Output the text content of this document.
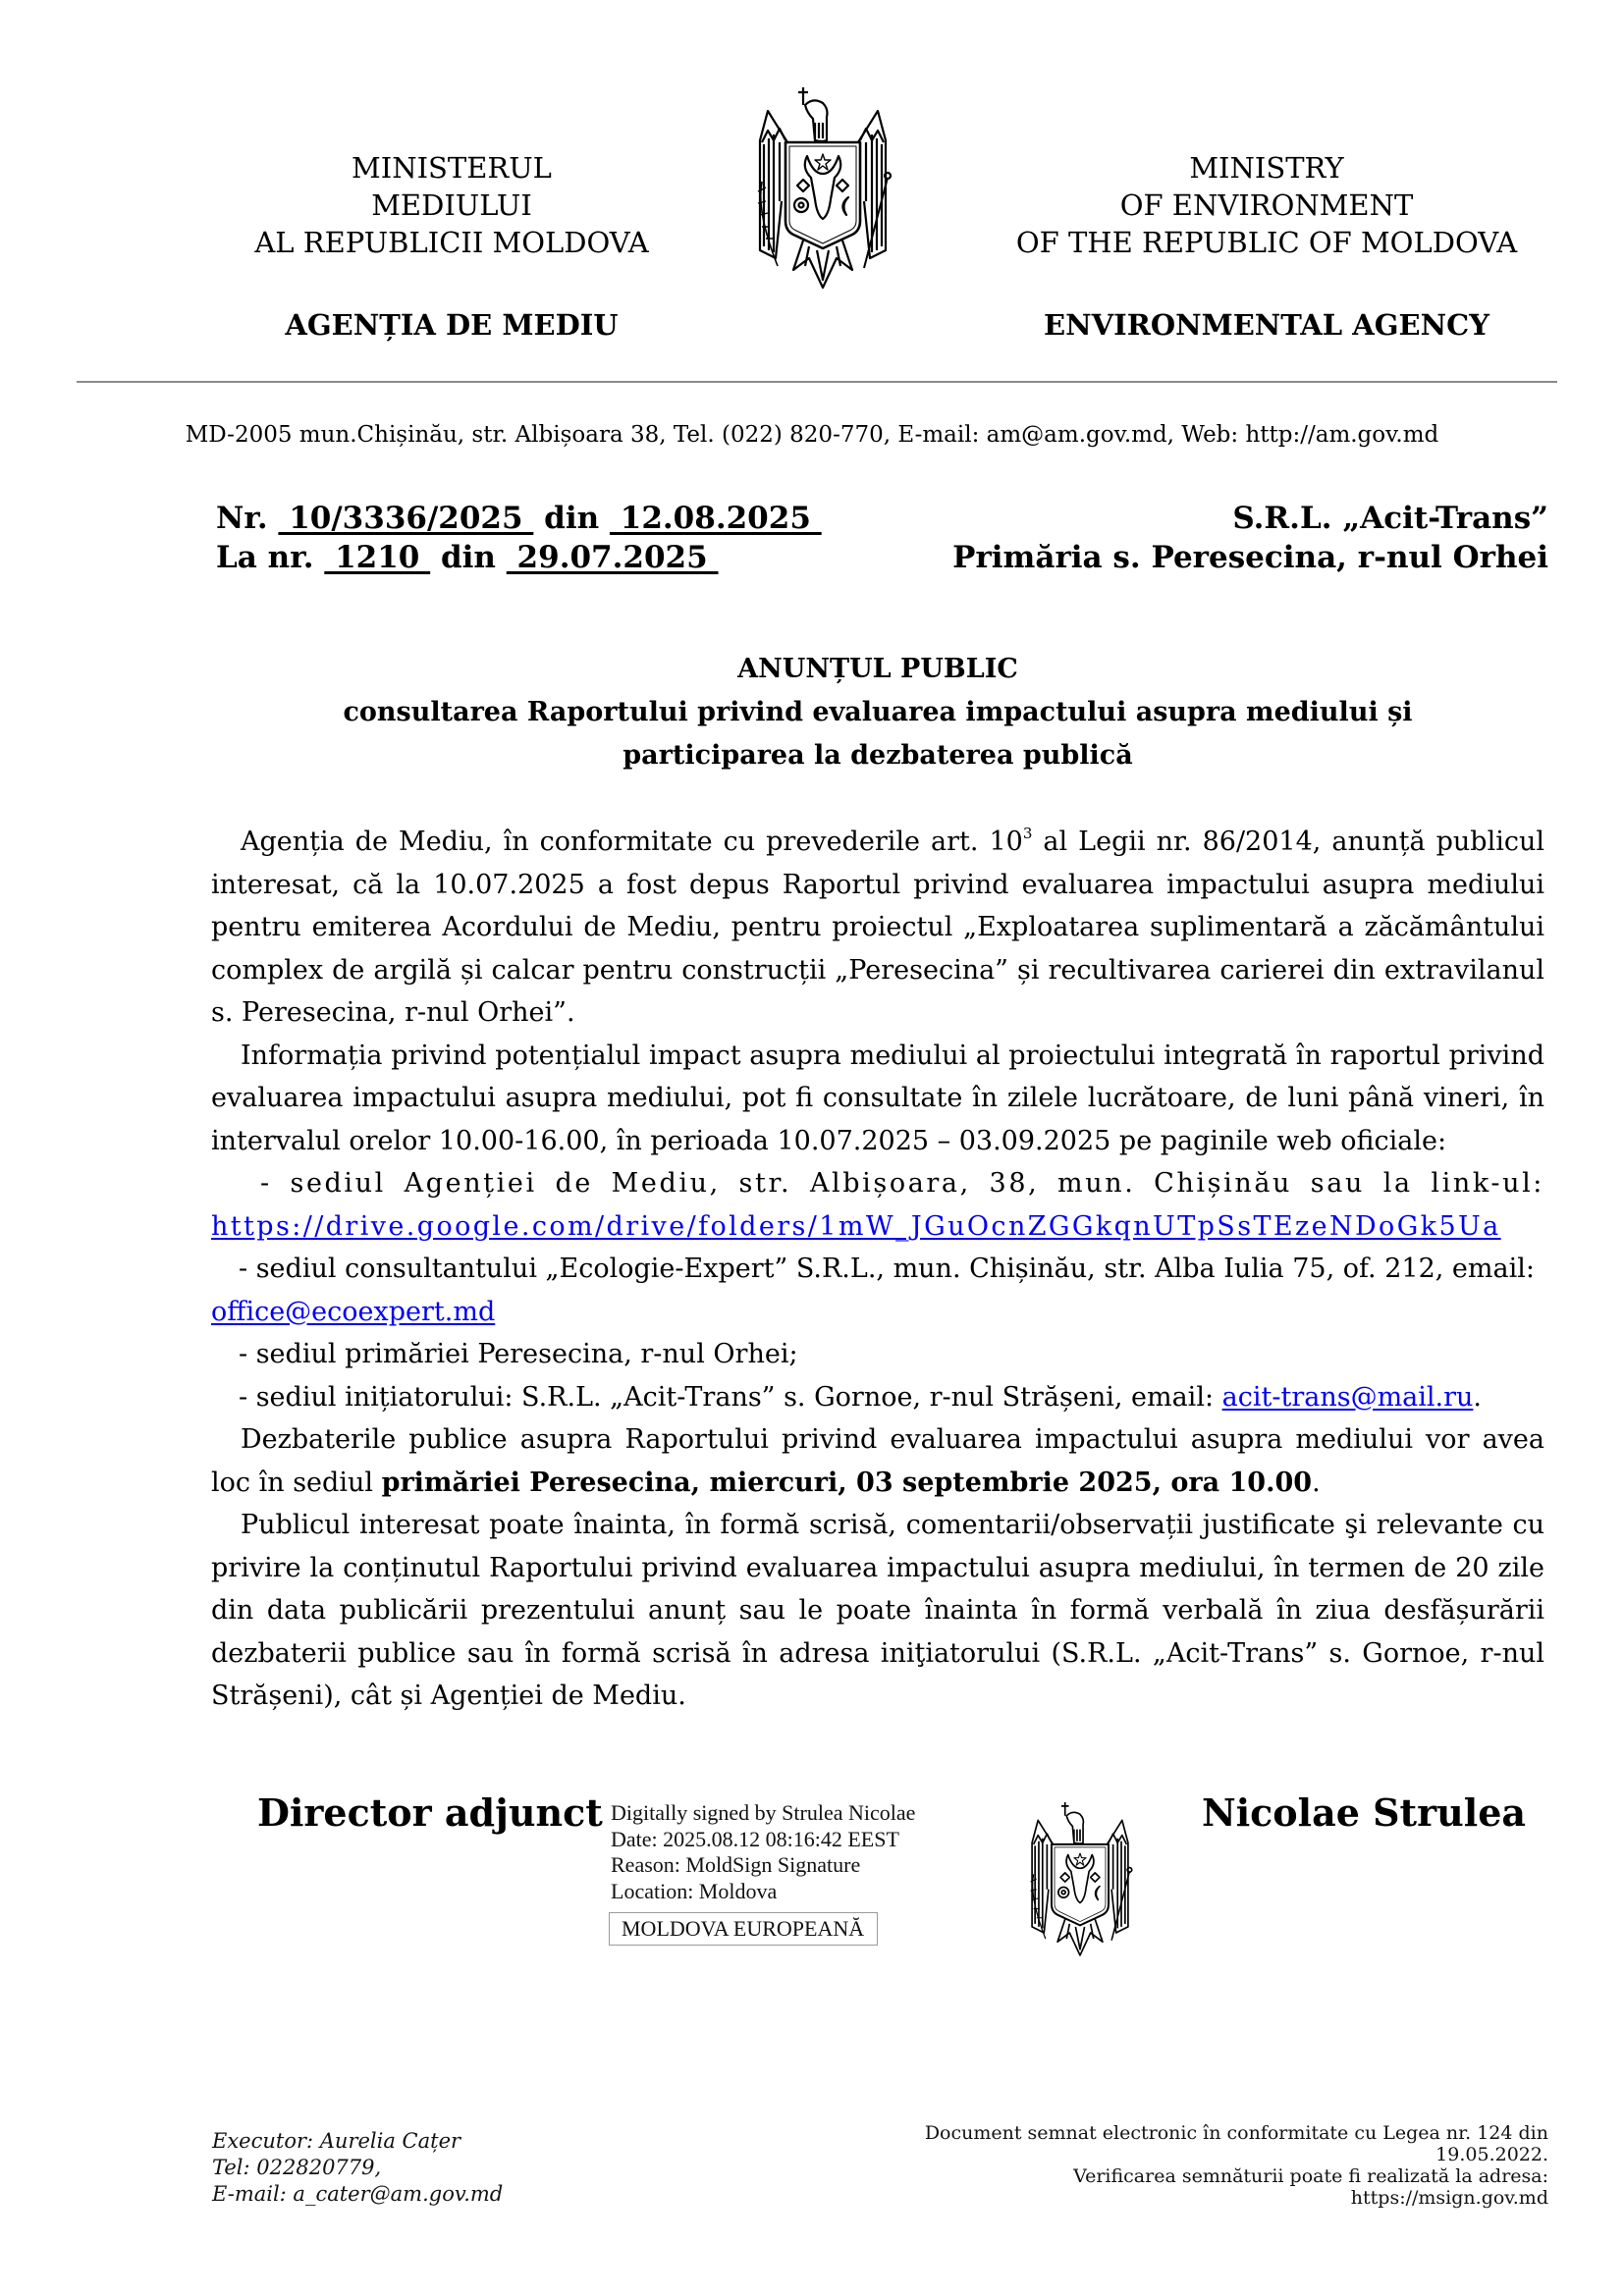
MINISTERUL
MEDIULUI
AL REPUBLICII MOLDOVA
AGENȚIA DE MEDIU
MINISTRY
OF ENVIRONMENT
OF THE REPUBLIC OF MOLDOVA
ENVIRONMENTAL AGENCY
MD-2005 mun.Chișinău, str. Albișoara 38, Tel. (022) 820-770, E-mail: am@am.gov.md, Web: http://am.gov.md
Nr.  10/3336/2025  din  12.08.2025
La nr.  1210  din  29.07.2025
S.R.L. „Acit-Trans”
Primăria s. Peresecina, r-nul Orhei
ANUNȚUL PUBLIC
consultarea Raportului privind evaluarea impactului asupra mediului și participarea la dezbaterea publică

Agenția de Mediu, în conformitate cu prevederile art. $10^3$ al Legii nr. 86/2014, anunță publicul interesat, că la 10.07.2025 a fost depus Raportul privind evaluarea impactului asupra mediului pentru emiterea Acordului de Mediu, pentru proiectul „Exploatarea suplimentară a zăcământului complex de argilă și calcar pentru construcții „Peresecina” și recultivarea carierei din extravilanul s. Peresecina, r-nul Orhei”.

Informația privind potențialul impact asupra mediului al proiectului integrată în raportul privind evaluarea impactului asupra mediului, pot fi consultate în zilele lucrătoare, de luni până vineri, în intervalul orelor 10.00-16.00, în perioada 10.07.2025 – 03.09.2025 pe paginile web oficiale:

- sediul Agenției de Mediu, str. Albișoara, 38, mun. Chișinău sau la link-ul:

https://drive.google.com/drive/folders/1mW_JGuOcnZGGkqnUTpSsTEzeNDoGk5Ua

- sediul consultantului „Ecologie-Expert” S.R.L., mun. Chișinău, str. Alba Iulia 75, of. 212, email:

office@ecoexpert.md

- sediul primăriei Peresecina, r-nul Orhei;

- sediul inițiatorului: S.R.L. „Acit-Trans” s. Gornoe, r-nul Strășeni, email: acit-trans@mail.ru.

Dezbaterile publice asupra Raportului privind evaluarea impactului asupra mediului vor avea loc în sediul primăriei Peresecina, miercuri, 03 septembrie 2025, ora 10.00.

Publicul interesat poate înainta, în formă scrisă, comentarii/observații justificate şi relevante cu privire la conținutul Raportului privind evaluarea impactului asupra mediului, în termen de 20 zile din data publicării prezentului anunț sau le poate înainta în formă verbală în ziua desfășurării dezbaterii publice sau în formă scrisă în adresa iniţiatorului (S.R.L. „Acit-Trans” s. Gornoe, r-nul Strășeni), cât și Agenției de Mediu.

Director adjunct Digitally signed by Strulea Nicolae
Date: 2025.08.12 08:16:42 EEST
Reason: MoldSign Signature
Location: Moldova
MOLDOVA EUROPEANĂ
Nicolae Strulea
Executor: Aurelia Cațer
Tel: 022820779,
E-mail: a_cater@am.gov.md
Document semnat electronic în conformitate cu Legea nr. 124 din
19.05.2022.
Verificarea semnăturii poate fi realizată la adresa:
https://msign.gov.md
